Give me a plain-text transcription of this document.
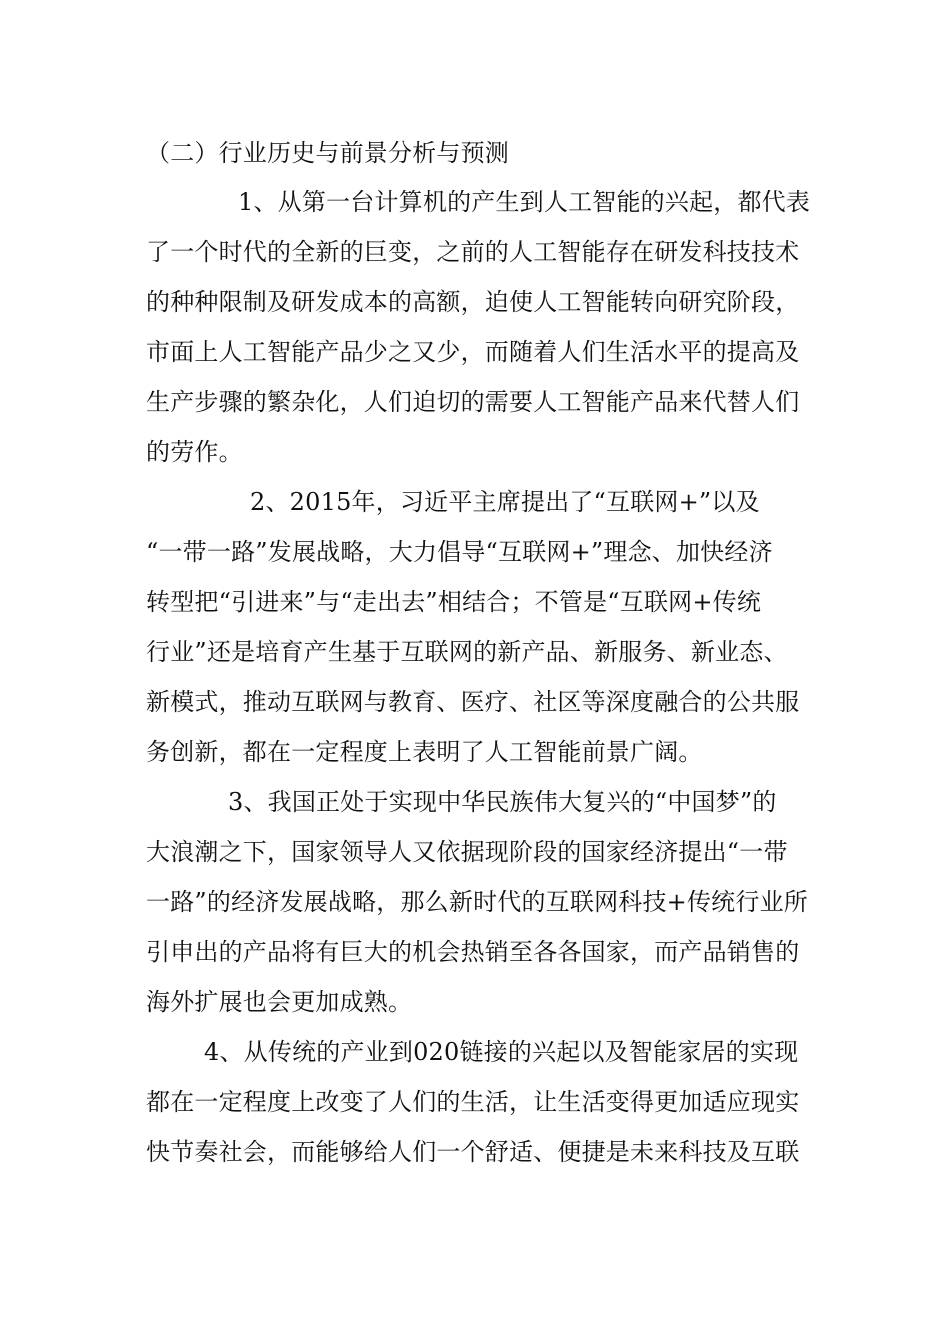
（二）行业历史与前景分析与预测
1、从第一台计算机的产生到人工智能的兴起，都代表
了一个时代的全新的巨变，之前的人工智能存在研发科技技术
的种种限制及研发成本的高额，迫使人工智能转向研究阶段，
市面上人工智能产品少之又少，而随着人们生活水平的提高及
生产步骤的繁杂化，人们迫切的需要人工智能产品来代替人们
的劳作。
2、2015年，习近平主席提出了“互联网+”以及
“一带一路”发展战略，大力倡导“互联网+”理念、加快经济
转型把“引进来”与“走出去”相结合；不管是“互联网+传统
行业”还是培育产生基于互联网的新产品、新服务、新业态、
新模式，推动互联网与教育、医疗、社区等深度融合的公共服
务创新，都在一定程度上表明了人工智能前景广阔。
3、我国正处于实现中华民族伟大复兴的“中国梦”的
大浪潮之下，国家领导人又依据现阶段的国家经济提出“一带
一路”的经济发展战略，那么新时代的互联网科技+传统行业所
引申出的产品将有巨大的机会热销至各各国家，而产品销售的
海外扩展也会更加成熟。
4、从传统的产业到020链接的兴起以及智能家居的实现
都在一定程度上改变了人们的生活，让生活变得更加适应现实
快节奏社会，而能够给人们一个舒适、便捷是未来科技及互联
